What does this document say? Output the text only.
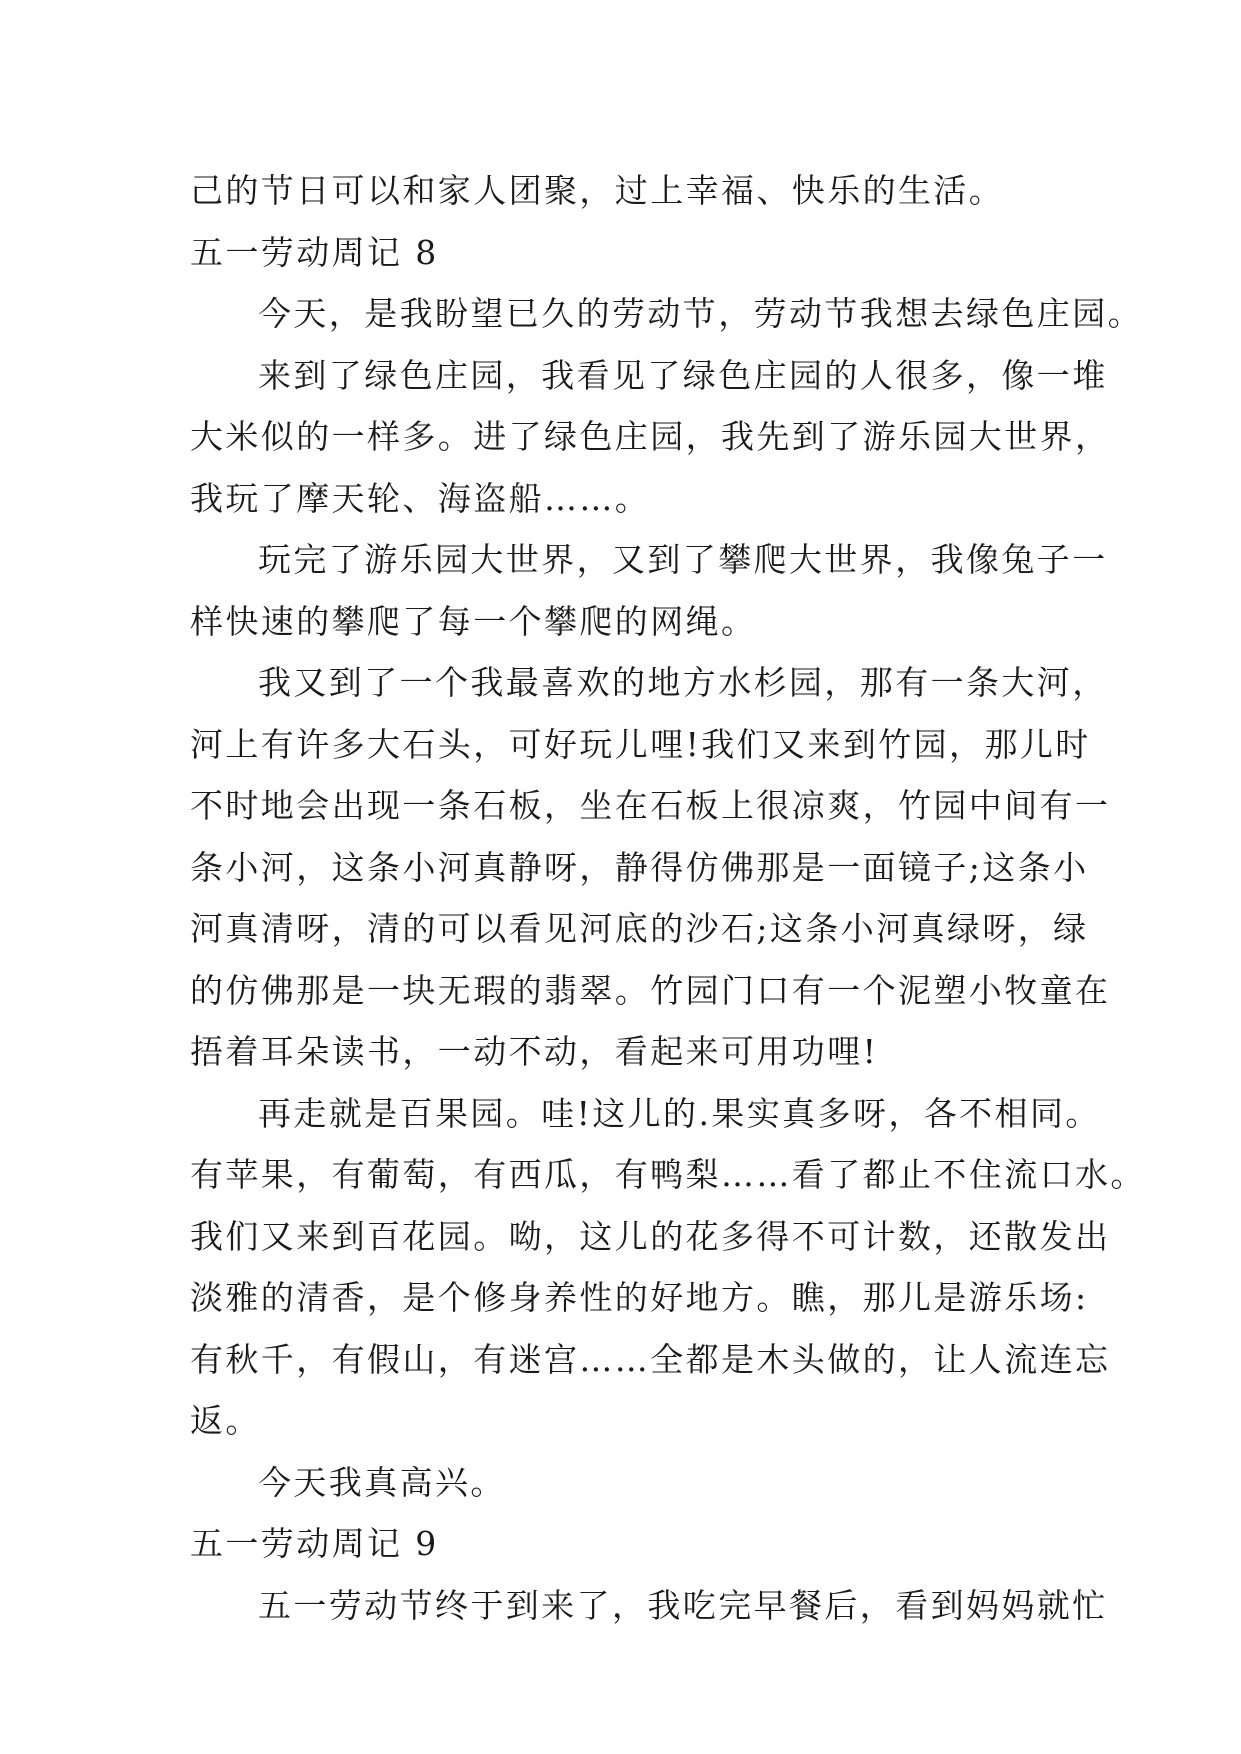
己的节日可以和家人团聚，过上幸福、快乐的生活。
五一劳动周记 8
今天，是我盼望已久的劳动节，劳动节我想去绿色庄园。
来到了绿色庄园，我看见了绿色庄园的人很多，像一堆
大米似的一样多。进了绿色庄园，我先到了游乐园大世界，
我玩了摩天轮、海盗船……。
玩完了游乐园大世界，又到了攀爬大世界，我像兔子一
样快速的攀爬了每一个攀爬的网绳。
我又到了一个我最喜欢的地方水杉园，那有一条大河，
河上有许多大石头，可好玩儿哩!我们又来到竹园，那儿时
不时地会出现一条石板，坐在石板上很凉爽，竹园中间有一
条小河，这条小河真静呀，静得仿佛那是一面镜子;这条小
河真清呀，清的可以看见河底的沙石;这条小河真绿呀，绿
的仿佛那是一块无瑕的翡翠。竹园门口有一个泥塑小牧童在
捂着耳朵读书，一动不动，看起来可用功哩!
再走就是百果园。哇!这儿的.果实真多呀，各不相同。
有苹果，有葡萄，有西瓜，有鸭梨……看了都止不住流口水。
我们又来到百花园。呦，这儿的花多得不可计数，还散发出
淡雅的清香，是个修身养性的好地方。瞧，那儿是游乐场:
有秋千，有假山，有迷宫……全都是木头做的，让人流连忘
返。
今天我真高兴。
五一劳动周记 9
五一劳动节终于到来了，我吃完早餐后，看到妈妈就忙
